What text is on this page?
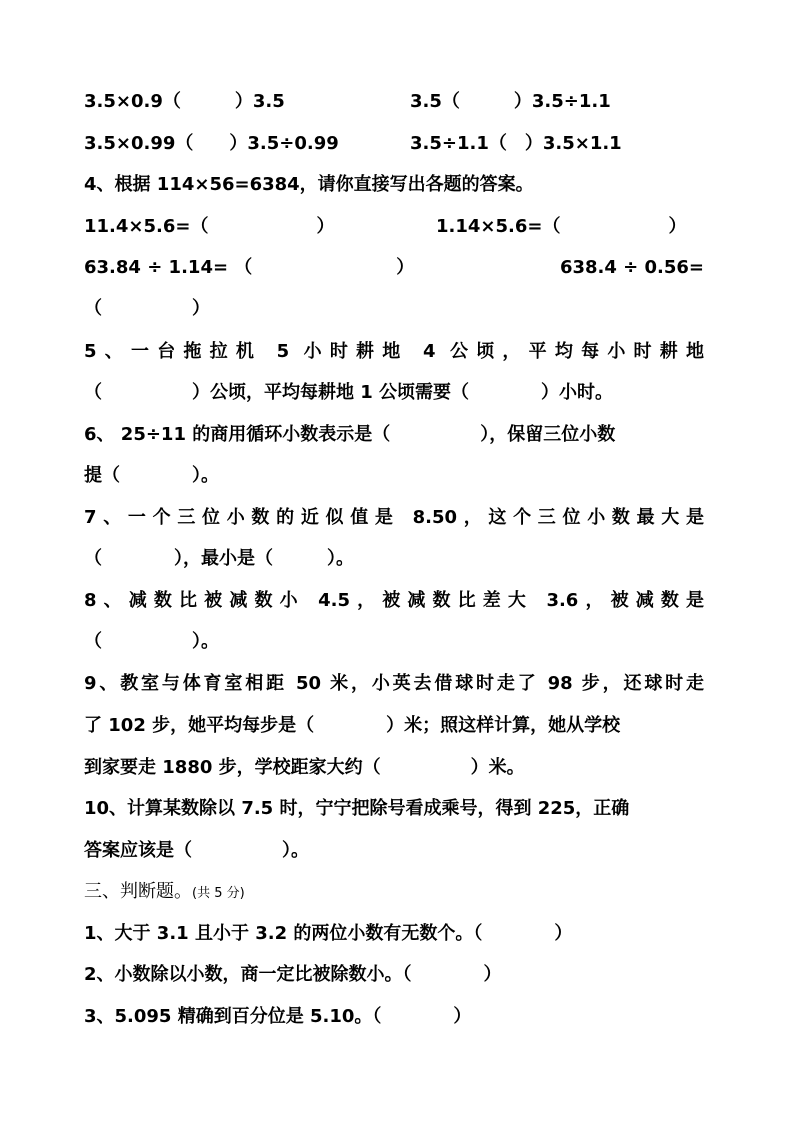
3.5×0.9（　　　）3.5	3.5（　　　）3.5÷1.1
3.5×0.99（　　）3.5÷0.99	3.5÷1.1（　）3.5×1.1
4、根据 114×56=6384，请你直接写出各题的答案。
11.4×5.6=（　　　　　　）	1.14×5.6=（　　　　　　）
63.84 ÷ 1.14= （　　　　　　　　）	638.4 ÷ 0.56=
（　　　　　）
5、一台拖拉机 5 小时耕地 4 公顷，平均每小时耕地
（　　　　　）公顷，平均每耕地 1 公顷需要（　　　　）小时。
6、 25÷11 的商用循环小数表示是（　　　　　），保留三位小数
提（　　　　）。
7、一个三位小数的近似值是 8.50，这个三位小数最大是
（　　　　），最小是（　　　）。
8、减数比被减数小 4.5，被减数比差大 3.6，被减数是
（　　　　　）。
9、教室与体育室相距 50 米，小英去借球时走了 98 步，还球时走
了 102 步，她平均每步是（　　　　）米；照这样计算，她从学校
到家要走 1880 步，学校距家大约（　　　　　）米。
10、计算某数除以 7.5 时，宁宁把除号看成乘号，得到 225，正确
答案应该是（　　　　　）。
三、判断题。(共 5 分)
1、大于 3.1 且小于 3.2 的两位小数有无数个。（　　　　）
2、小数除以小数，商一定比被除数小。（　　　　）
3、5.095 精确到百分位是 5.10。（　　　　）
